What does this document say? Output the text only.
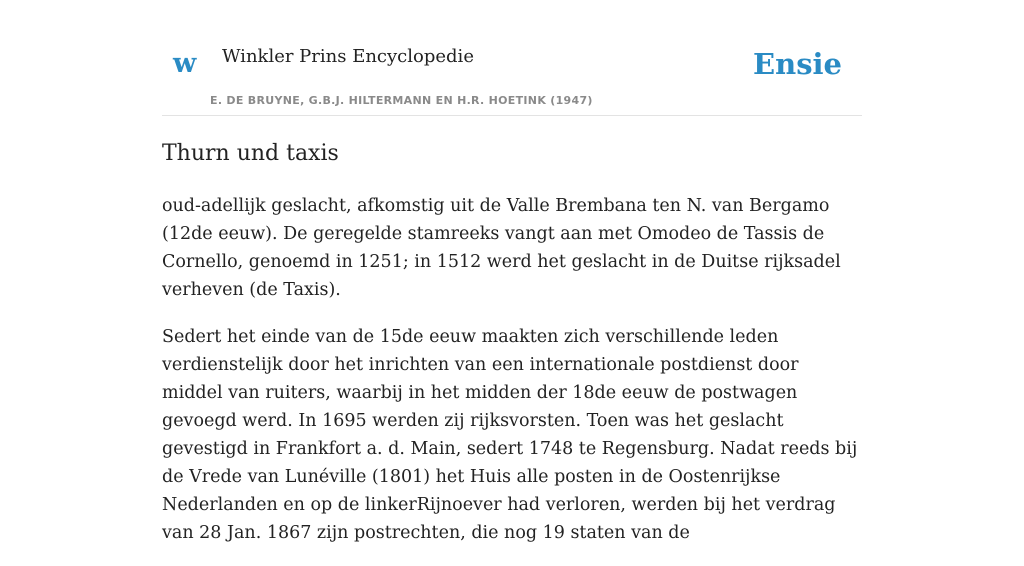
w Winkler Prins Encyclopedie
E. DE BRUYNE, G.B.J. HILTERMANN EN H.R. HOETINK (1947)
Ensie
Thurn und taxis

oud-adellijk geslacht, afkomstig uit de Valle Brembana ten N. van Bergamo (12de eeuw). De geregelde stamreeks vangt aan met Omodeo de Tassis de Cornello, genoemd in 1251; in 1512 werd het geslacht in de Duitse rijksadel verheven (de Taxis).

Sedert het einde van de 15de eeuw maakten zich verschillende leden verdienstelijk door het inrichten van een internationale postdienst door middel van ruiters, waarbij in het midden der 18de eeuw de postwagen gevoegd werd. In 1695 werden zij rijksvorsten. Toen was het geslacht gevestigd in Frankfort a. d. Main, sedert 1748 te Regensburg. Nadat reeds bij de Vrede van Lunéville (1801) het Huis alle posten in de Oostenrijkse Nederlanden en op de linkerRijnoever had verloren, werden bij het verdrag van 28 Jan. 1867 zijn postrechten, die nog 19 staten van de
